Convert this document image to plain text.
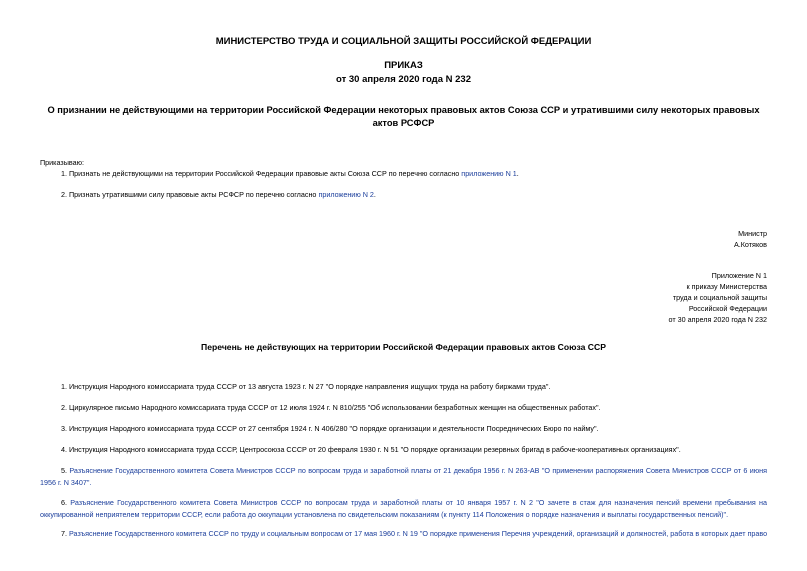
МИНИСТЕРСТВО ТРУДА И СОЦИАЛЬНОЙ ЗАЩИТЫ РОССИЙСКОЙ ФЕДЕРАЦИИ
ПРИКАЗ
от 30 апреля 2020 года N 232
О признании не действующими на территории Российской Федерации некоторых правовых актов Союза ССР и утратившими силу некоторых правовых актов РСФСР
Приказываю:
1. Признать не действующими на территории Российской Федерации правовые акты Союза ССР по перечню согласно приложению N 1.
2. Признать утратившими силу правовые акты РСФСР по перечню согласно приложению N 2.
Министр
А.Котяков
Приложение N 1
к приказу Министерства
труда и социальной защиты
Российской Федерации
от 30 апреля 2020 года N 232
Перечень не действующих на территории Российской Федерации правовых актов Союза ССР
1. Инструкция Народного комиссариата труда СССР от 13 августа 1923 г. N 27 "О порядке направления ищущих труда на работу биржами труда".
2. Циркулярное письмо Народного комиссариата труда СССР от 12 июля 1924 г. N 810/255 "Об использовании безработных женщин на общественных работах".
3. Инструкция Народного комиссариата труда СССР от 27 сентября 1924 г. N 406/280 "О порядке организации и деятельности Посреднических Бюро по найму".
4. Инструкция Народного комиссариата труда СССР, Центросоюза СССР от 20 февраля 1930 г. N 51 "О порядке организации резервных бригад в рабоче-кооперативных организациях".
5. Разъяснение Государственного комитета Совета Министров СССР по вопросам труда и заработной платы от 21 декабря 1956 г. N 263-АВ "О применении распоряжения Совета Министров СССР от 6 июня 1956 г. N 3407".
6. Разъяснение Государственного комитета Совета Министров СССР по вопросам труда и заработной платы от 10 января 1957 г. N 2 "О зачете в стаж для назначения пенсий времени пребывания на оккупированной неприятелем территории СССР, если работа до оккупации установлена по свидетельским показаниям (к пункту 114 Положения о порядке назначения и выплаты государственных пенсий)".
7. Разъяснение Государственного комитета СССР по труду и социальным вопросам от 17 мая 1960 г. N 19 "О порядке применения Перечня учреждений, организаций и должностей, работа в которых дает право
